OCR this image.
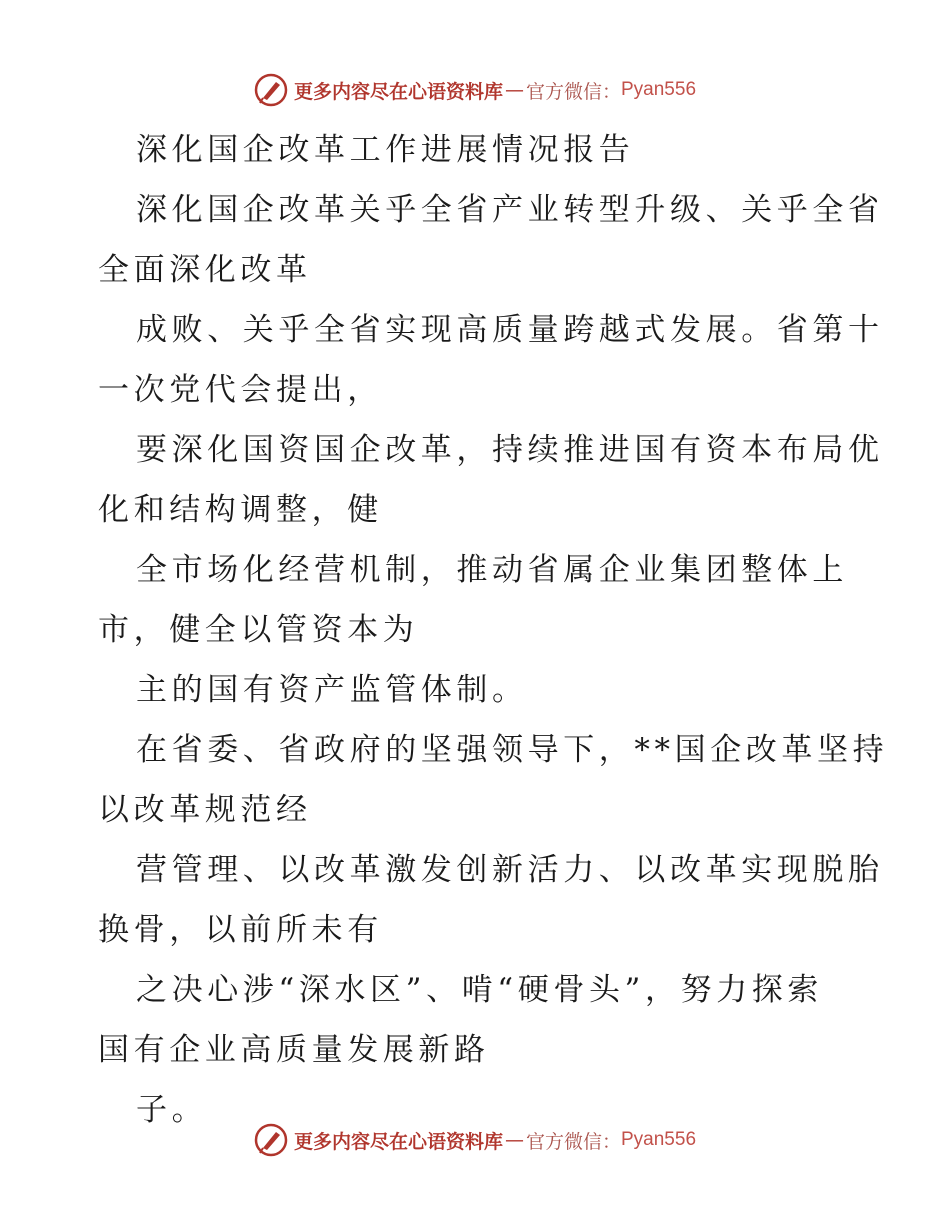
更多内容尽在心语资料库 — 官方微信： Pyan556
深化国企改革工作进展情况报告
深化国企改革关乎全省产业转型升级、关乎全省
全面深化改革
成败、关乎全省实现高质量跨越式发展。省第十
一次党代会提出，
要深化国资国企改革，持续推进国有资本布局优
化和结构调整，健
全市场化经营机制，推动省属企业集团整体上
市，健全以管资本为
主的国有资产监管体制。
在省委、省政府的坚强领导下，**国企改革坚持
以改革规范经
营管理、以改革激发创新活力、以改革实现脱胎
换骨，以前所未有
之决心涉“深水区”、啃“硬骨头”，努力探索
国有企业高质量发展新路
子。
更多内容尽在心语资料库 — 官方微信： Pyan556
